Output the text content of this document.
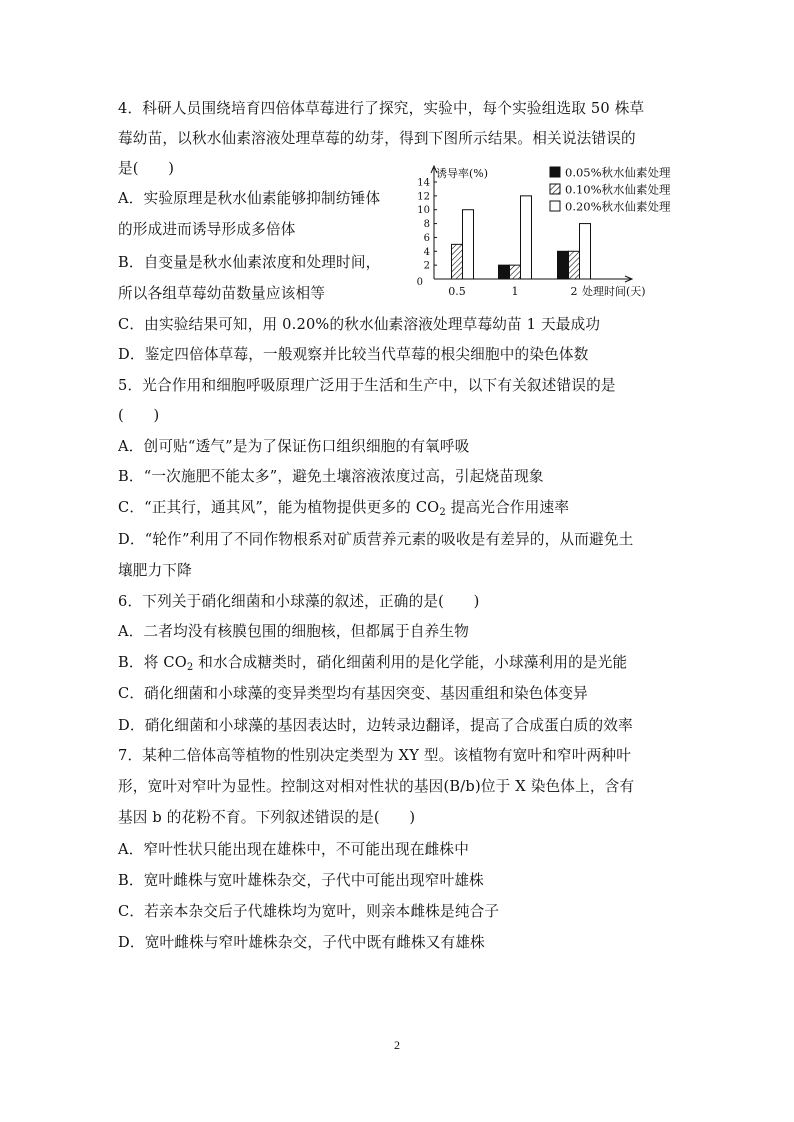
4．科研人员围绕培育四倍体草莓进行了探究，实验中，每个实验组选取 50 株草
莓幼苗，以秋水仙素溶液处理草莓的幼芽，得到下图所示结果。相关说法错误的
是(　　)
A．实验原理是秋水仙素能够抑制纺锤体
的形成进而诱导形成多倍体
B．自变量是秋水仙素浓度和处理时间，
所以各组草莓幼苗数量应该相等
C．由实验结果可知，用 0.20%的秋水仙素溶液处理草莓幼苗 1 天最成功
D．鉴定四倍体草莓，一般观察并比较当代草莓的根尖细胞中的染色体数
2
4
6
8
10
12
14
0
诱导率(%)
处理时间(天)
0.5	1	2
0.05%秋水仙素处理
0.10%秋水仙素处理
0.20%秋水仙素处理
5．光合作用和细胞呼吸原理广泛用于生活和生产中，以下有关叙述错误的是
(　　)
A．创可贴“透气”是为了保证伤口组织细胞的有氧呼吸
B．“一次施肥不能太多”，避免土壤溶液浓度过高，引起烧苗现象
C．“正其行，通其风”，能为植物提供更多的 $CO_2$ 提高光合作用速率
D．“轮作”利用了不同作物根系对矿质营养元素的吸收是有差异的，从而避免土
壤肥力下降
6．下列关于硝化细菌和小球藻的叙述，正确的是(　　)
A．二者均没有核膜包围的细胞核，但都属于自养生物
B．将 $CO_2$ 和水合成糖类时，硝化细菌利用的是化学能，小球藻利用的是光能
C．硝化细菌和小球藻的变异类型均有基因突变、基因重组和染色体变异
D．硝化细菌和小球藻的基因表达时，边转录边翻译，提高了合成蛋白质的效率
7．某种二倍体高等植物的性别决定类型为 XY 型。该植物有宽叶和窄叶两种叶
形，宽叶对窄叶为显性。控制这对相对性状的基因(B/b)位于 X 染色体上，含有
基因 b 的花粉不育。下列叙述错误的是(　　)
A．窄叶性状只能出现在雄株中，不可能出现在雌株中
B．宽叶雌株与宽叶雄株杂交，子代中可能出现窄叶雄株
C．若亲本杂交后子代雄株均为宽叶，则亲本雌株是纯合子
D．宽叶雌株与窄叶雄株杂交，子代中既有雌株又有雄株
2
